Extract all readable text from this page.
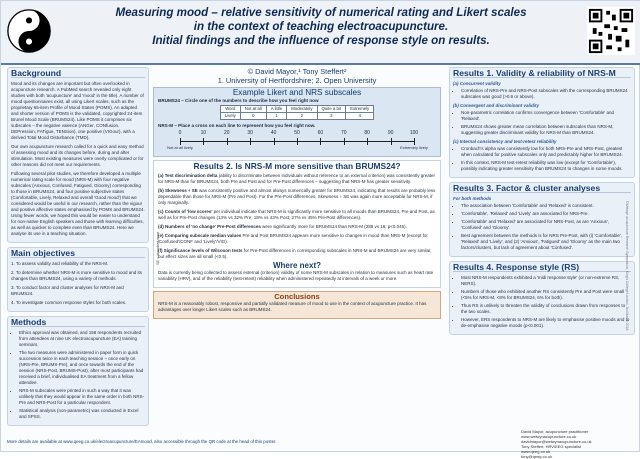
Measuring mood – relative sensitivity of numerical rating and Likert scales
in the context of teaching electroacupuncture.
Initial findings and the influence of response style on results.
Background

Mood and its changes are important but often overlooked in acupuncture research. A PubMed search revealed only eight studies with both 'acupuncture' and 'mood' in the title). A number of mood questionnaires exist, all using Likert scales, such as the proprietary 65-item Profile of Mood States (POMS). An adapted and shorter version of POMS is the validated, copyrighted 24-item Brunel Mood Scale (BRUMS24). Like POMS it comprises six subscales – the negative valence (ANGer, CONfusion, DEPression, FATigue, TENSion), one positive (VIGour), with a derived Total Mood Disturbance (TMD).

Our own acupuncture research called for a quick and easy method of assessing mood and its changes before, during and after stimulation. Most existing measures were overly complicated or for other reasons did not meet our requirements.

Following several pilot studies, we therefore developed a multiple numerical rating scale for mood (NRS-M) with four negative subscales (Anxious, Confused, Fatigued, Gloomy) corresponding to those in BRUMS24, and four positive subjective states (Comfortable, Lively, Relaxed and overall 'Good mood') that we considered would be useful in our research, rather than the vigour and positive affective states emphasised by POMS and BRUMS24. Using fewer words, we hoped this would be easier to understand for non-native English speakers and those with learning difficulties, as well as quicker to complete even than BRUMS24. Here we analyse its use in a teaching situation.

Main objectives

1. To assess validity and reliability of the NRS-M.

2. To determine whether NRS-M is more sensitive to mood and its changes than BRUMS24, using a variety of methods.

3. To conduct factor and cluster analyses for NRS-M and BRUMS24.

4. To investigate common response styles for both scales.

Methods
• Ethics approval was obtained, and 158 respondents recruited from attendees at nine UK electroacupuncture (EA) training seminars.
• The two measures were administered in paper form in quick succession twice in each teaching session – once early on (NRS-Pre, BRUMS-Pre), and once towards the end of the session (NRS-Post, BRUMS-Post), after most participants had received a brief, individualised EA treatment from a fellow attendee.
• NRS-M subscales were printed in such a way that it was unlikely that they would appear in the same order in both NRS-Pre and NRS-Post for a particular respondent.
• Statistical analysis (non-parametric) was conducted in Excel and SPSS.
© David Mayor,¹ Tony Steffert²
1. University of Hertfordshire; 2. Open University
Example Likert and NRS subscales
BRUMS24 – Circle one of the numbers to describe how you feel right now
Word	Not at all	A little	Moderately	Quite a bit	Extremely
Lively	0	1	2	3	4
NRS-M – Place a cross on each line to represent how you feel right now.
Not at all lively	Extremely lively
0	10	20	30	40	50	60	70	80	90	100
Results 2. Is NRS-M more sensitive than BRUMS24?

(a) Test discrimination delta (ability to discriminate between individuals without reference to an external criterion) was consistently greater for NRS-M than for BRUMS24, both Pre and Post and for Pre-Post differences – suggesting that NRS-M has greater sensitivity.

(b) Skewness ÷ SE was consistently positive and almost always numerically greater for BRUMS24, indicating that results are probably less dependable than those for NRS-M (Pre and Post). For the Pre-Post differences, Skewness ÷ SE was again more acceptable for NRS-M, if only marginally.

(c) Counts of 'low scores' per individual indicate that NRS-M is significantly more sensitive to all moods than BRUMS24, Pre and Post, as well as for Pre-Post changes (13% vs 32% Pre; 18% vs 43% Post; 27% vs 45% Pre-Post differences).

(d) Numbers of 'no change' Pre-Post differences were significantly more for BRUMS24 than NRS-M (288 vs 16; p<0.045).

(e) Comparing subscale median values Pre and Post BRUMS24 appears more sensitive to changes in mood than NRS-M (except for 'Confused'/CONF and 'Lively'/VIG).

(f) Significance levels of Wilcoxon tests for Pre-Post differences in corresponding subscales in NRS-M and BRUMS24 are very similar, but effect sizes are all small (<0.5).

Where next?

Data is currently being collected to assess external (criterion) validity of some NRS-M subscales in relation to measures such as heart rate variability (HRV), and of the reliability (test-retest) reliability when administered repeatedly at intervals of a week or more.

Conclusions

NRS-M is a reasonably robust, responsive and partially validated measure of mood to use in the context of acupuncture practice. It has advantages over longer Likert scales such as BRUMS24.

SE = standard error
Results 1. Validity & reliability of NRS-M
(a) Concurrent validity
• Correlation of NRS-Pre and NRS-Post subscales with the corresponding BRUMS24 subscales was good (>0.6 or above).
(b) Convergent and discriminant validity
• Non-parametric correlation confirms convergence between 'Comfortable' and 'Relaxed'.
• BRUMS24 shows greater mean correlation between subscales than NRS-M, suggesting greater discriminant validity for NRS-M than BRUMS24.
(c) Internal consistency and test-retest reliability
• Cronbach's alpha was consistently low for both NRS-Pre and NRS-Post, greatest when calculated for positive subscales only and predictably higher for BRUMS24.
• In this context, NRS-M test-retest reliability was low (except for 'Comfortable'), possibly indicating greater sensitivity than BRUMS24 to changes in some moods.
Results 3. Factor & cluster analyses
For both methods
• The association between 'Comfortable' and 'Relaxed' is consistent.
• 'Comfortable', 'Relaxed' and 'Lively' are associated for NRS-Pre.
• 'Comfortable' and 'Relaxed' are associated for NRS-Post, as are 'Anxious', 'Confused' and 'Gloomy'.
• Best agreement between the methods is for NRS Pre-Post, with (i) 'Comfortable', 'Relaxed' and 'Lively', and (2) 'Anxious', 'Fatigued' and 'Gloomy' as the main two factors/clusters, but lack of agreement about 'Confused'.
Results 4. Response style (RS)
• Most NRS-M respondents exhibited a 'midi response style' (or non-extreme RS, NERS).
• Numbers of those who exhibited another RS consistently Pre and Post were small (<5% for NRS-M, <8% for BRUMS24, 6% for both).
• Thus RS is unlikely to threaten the validity of conclusions drawn from responses to the two scales.
• However, ERS respondents to NRS-M are likely to emphasise positive moods and to de-emphasise negative moods (p<0.001).
More details are available at www.qeeg.co.uk/electroacupuncture/EAmood, also accessible through the QR code at the head of this poster.
David Mayor, acupuncture practitioner
www.welwynacupuncture.co.uk
davidmayor@welwynacupuncture.co.uk
Tony Steffert, HRV/EEG specialist
www.qeeg.co.uk
tony@qeeg.co.uk
©Welwyn acupuncture Research Symposium, King's College London, 3rd March 2018
